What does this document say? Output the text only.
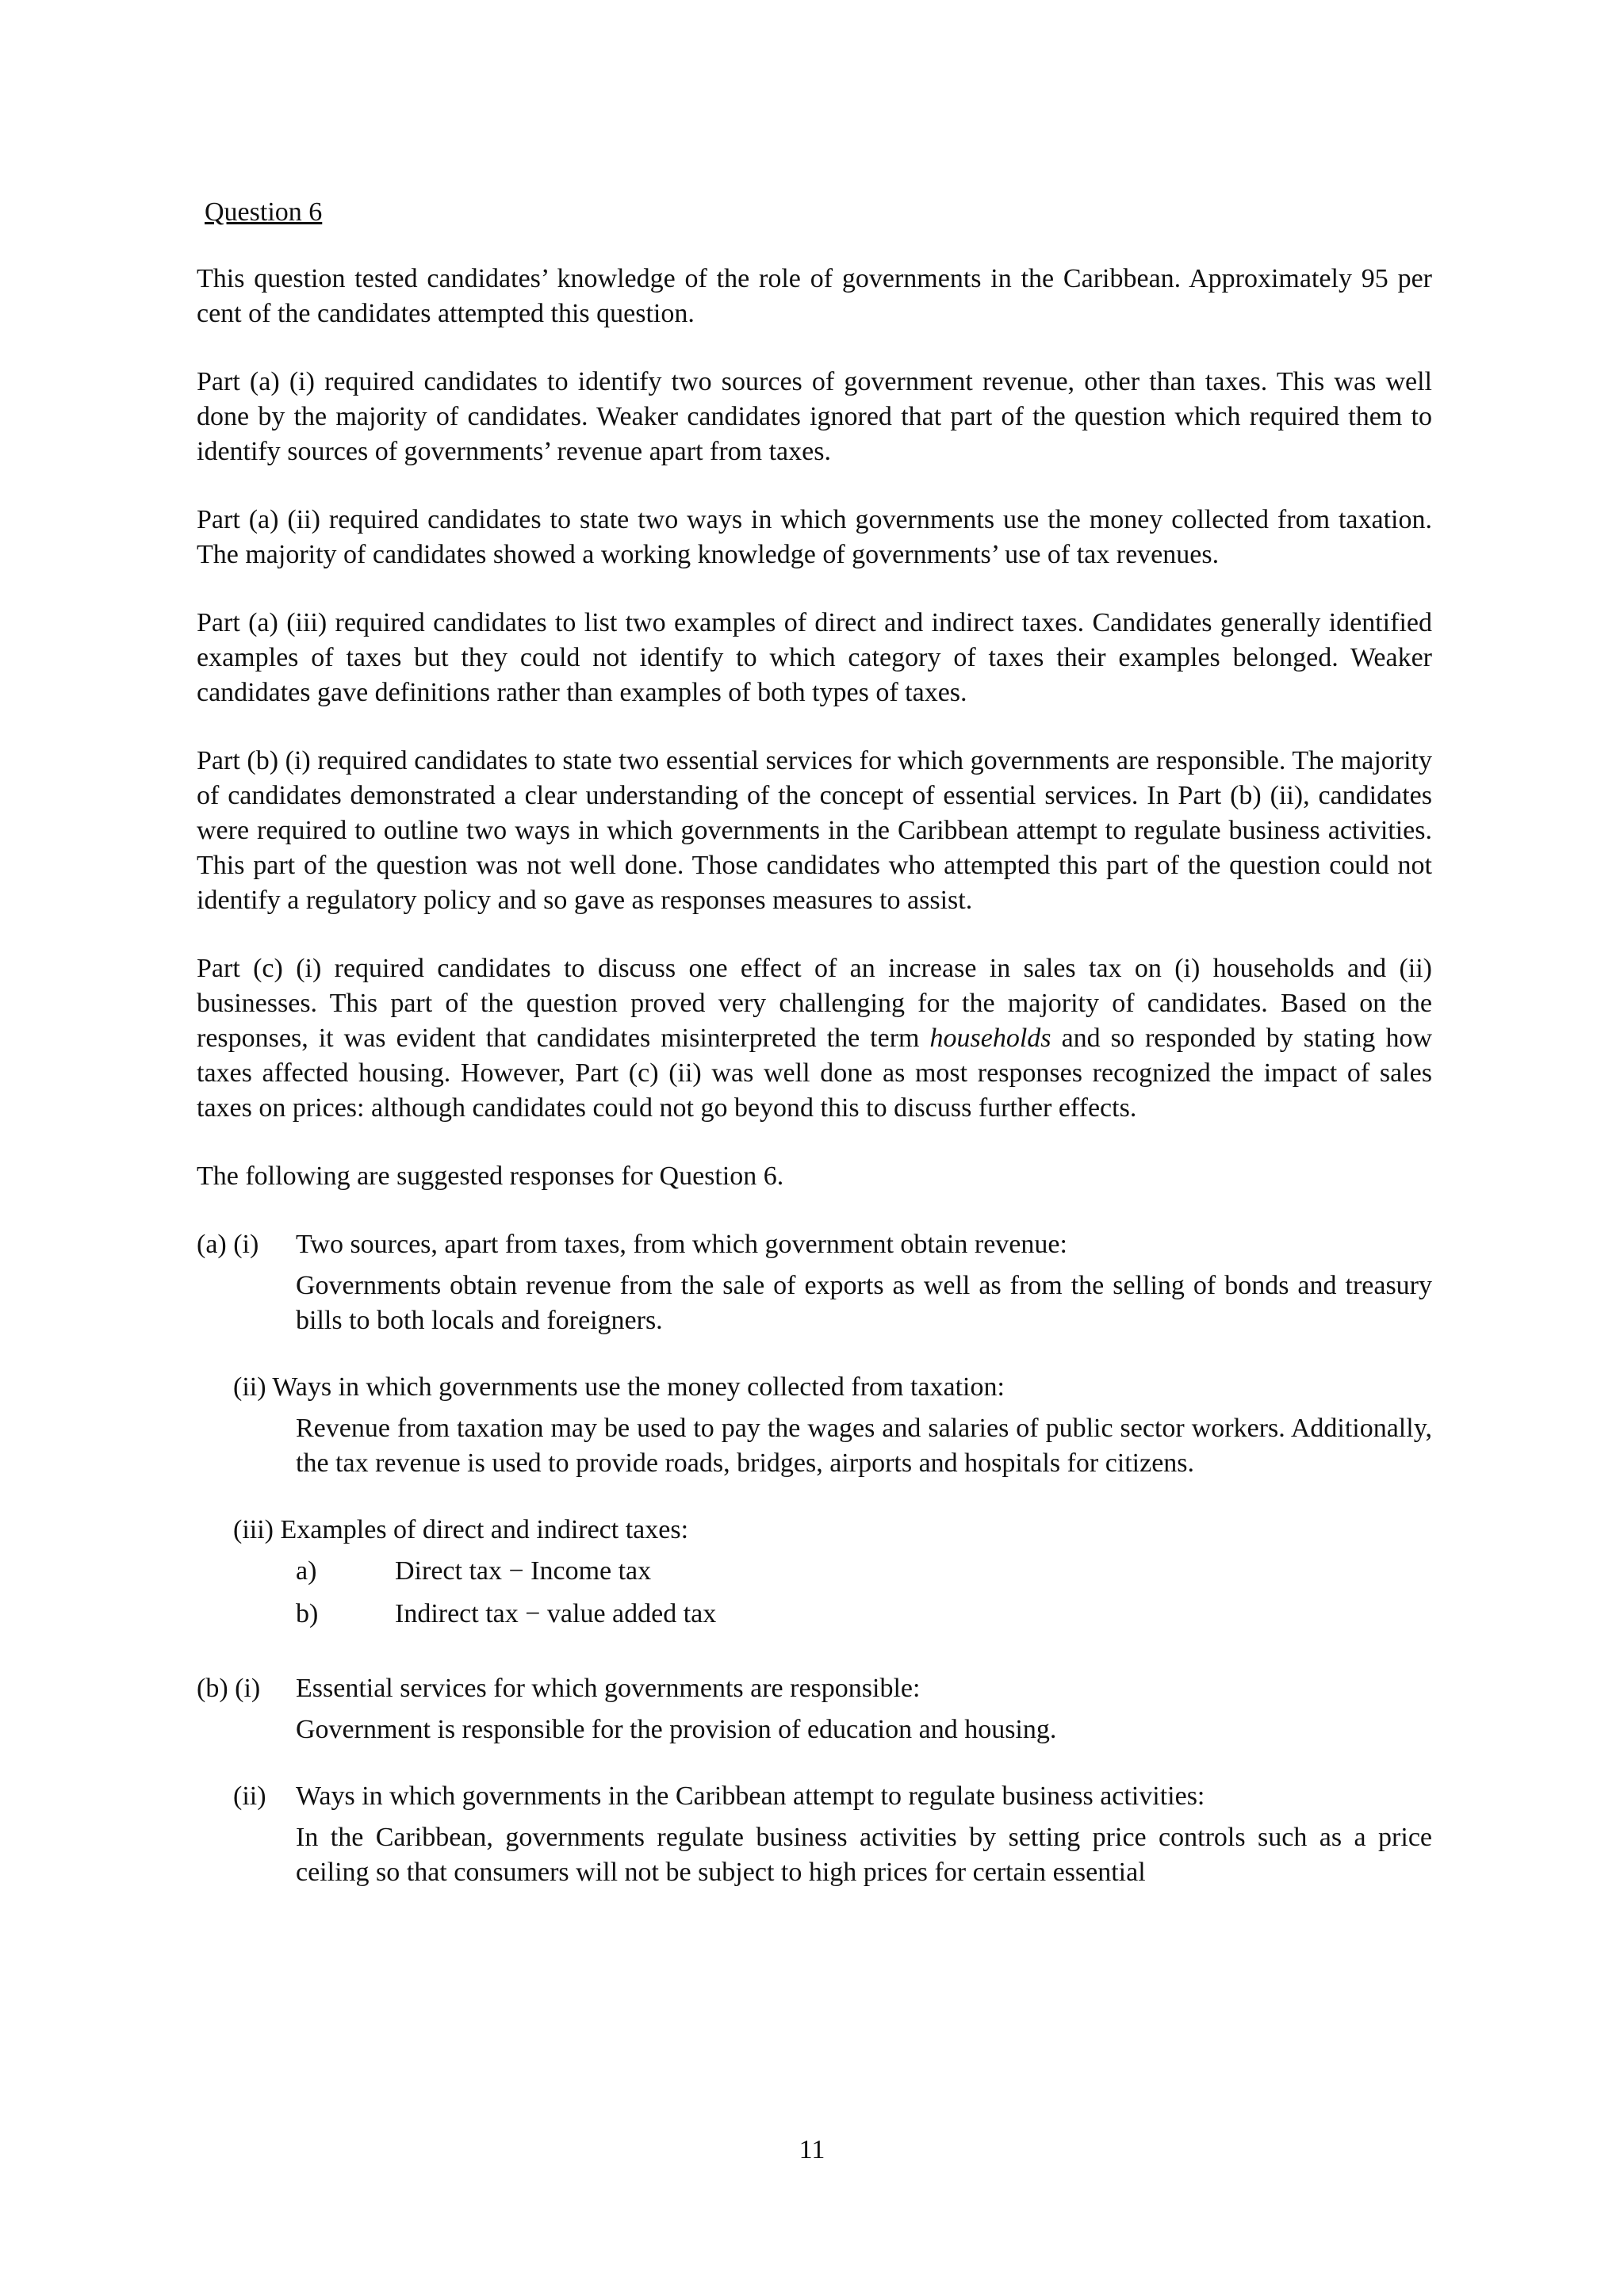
Question 6

This question tested candidates’ knowledge of the role of governments in the Caribbean. Approximately 95 per cent of the candidates attempted this question.

Part (a) (i) required candidates to identify two sources of government revenue, other than taxes. This was well done by the majority of candidates. Weaker candidates ignored that part of the question which required them to identify sources of governments’ revenue apart from taxes.

Part (a) (ii) required candidates to state two ways in which governments use the money collected from taxation. The majority of candidates showed a working knowledge of governments’ use of tax revenues.

Part (a) (iii) required candidates to list two examples of direct and indirect taxes. Candidates generally identified examples of taxes but they could not identify to which category of taxes their examples belonged. Weaker candidates gave definitions rather than examples of both types of taxes.

Part (b) (i) required candidates to state two essential services for which governments are responsible. The majority of candidates demonstrated a clear understanding of the concept of essential services. In Part (b) (ii), candidates were required to outline two ways in which governments in the Caribbean attempt to regulate business activities. This part of the question was not well done. Those candidates who attempted this part of the question could not identify a regulatory policy and so gave as responses measures to assist.

Part (c) (i) required candidates to discuss one effect of an increase in sales tax on (i) households and (ii) businesses. This part of the question proved very challenging for the majority of candidates. Based on the responses, it was evident that candidates misinterpreted the term households and so responded by stating how taxes affected housing. However, Part (c) (ii) was well done as most responses recognized the impact of sales taxes on prices: although candidates could not go beyond this to discuss further effects.

The following are suggested responses for Question 6.

(a) (i) Two sources, apart from taxes, from which government obtain revenue:
Governments obtain revenue from the sale of exports as well as from the selling of bonds and treasury bills to both locals and foreigners.
(ii) Ways in which governments use the money collected from taxation:
Revenue from taxation may be used to pay the wages and salaries of public sector workers. Additionally, the tax revenue is used to provide roads, bridges, airports and hospitals for citizens.
(iii) Examples of direct and indirect taxes:
a)	Direct tax − Income tax
b)	Indirect tax − value added tax
(b) (i) Essential services for which governments are responsible:
Government is responsible for the provision of education and housing.
(ii) Ways in which governments in the Caribbean attempt to regulate business activities:
In the Caribbean, governments regulate business activities by setting price controls such as a price ceiling so that consumers will not be subject to high prices for certain essential
11
